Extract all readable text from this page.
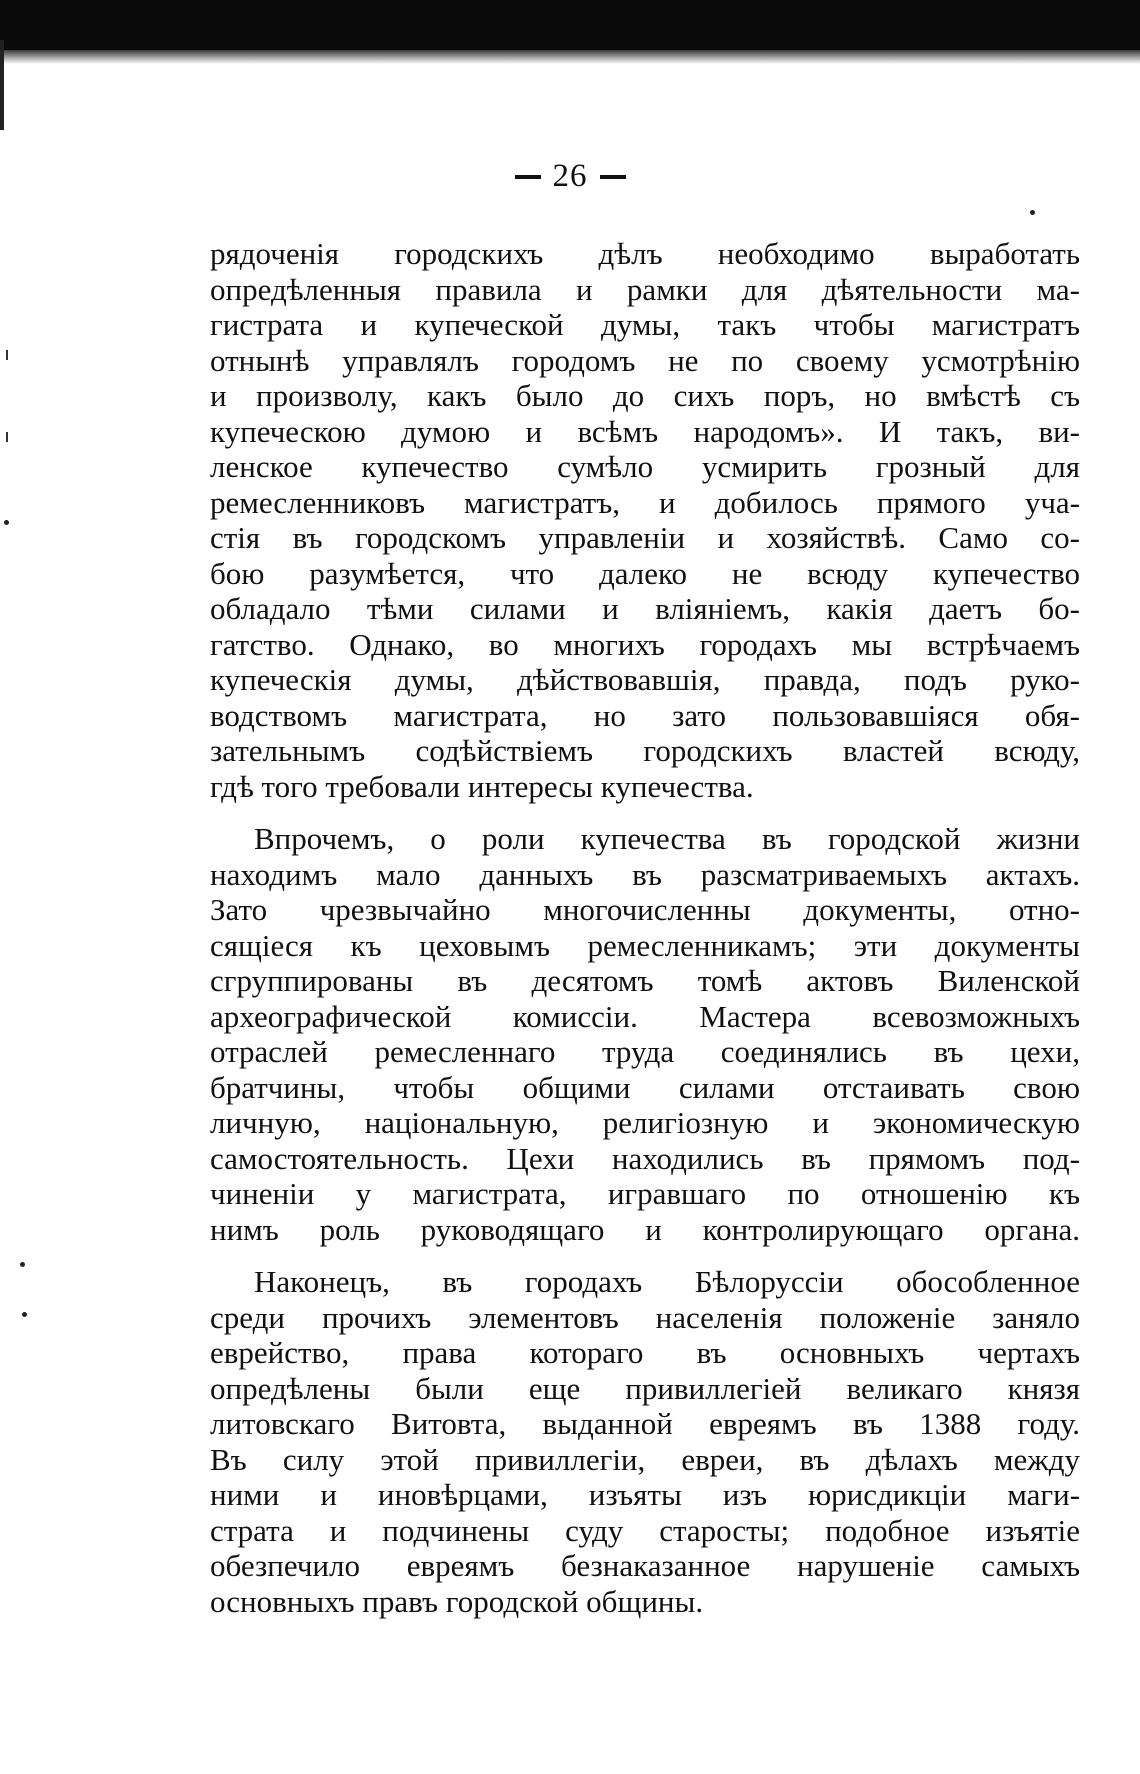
26

рядоченія городскихъ дѣлъ необходимо выработать
опредѣленныя правила и рамки для дѣятельности ма-
гистрата и купеческой думы, такъ чтобы магистратъ
отнынѣ управлялъ городомъ не по своему усмотрѣнію
и произволу, какъ было до сихъ поръ, но вмѣстѣ съ
купеческою думою и всѣмъ народомъ». И такъ, ви-
ленское купечество сумѣло усмирить грозный для
ремесленниковъ магистратъ, и добилось прямого уча-
стія въ городскомъ управленіи и хозяйствѣ. Само со-
бою разумѣется, что далеко не всюду купечество
обладало тѣми силами и вліяніемъ, какія даетъ бо-
гатство. Однако, во многихъ городахъ мы встрѣчаемъ
купеческія думы, дѣйствовавшія, правда, подъ руко-
водствомъ магистрата, но зато пользовавшіяся обя-
зательнымъ содѣйствіемъ городскихъ властей всюду,
гдѣ того требовали интересы купечества.

Впрочемъ, о роли купечества въ городской жизни
находимъ мало данныхъ въ разсматриваемыхъ актахъ.
Зато чрезвычайно многочисленны документы, отно-
сящіеся къ цеховымъ ремесленникамъ; эти документы
сгруппированы въ десятомъ томѣ актовъ Виленской
археографической комиссіи. Мастера всевозможныхъ
отраслей ремесленнаго труда соединялись въ цехи,
братчины, чтобы общими силами отстаивать свою
личную, національную, религіозную и экономическую
самостоятельность. Цехи находились въ прямомъ под-
чиненіи у магистрата, игравшаго по отношенію къ
нимъ роль руководящаго и контролирующаго органа.

Наконецъ, въ городахъ Бѣлоруссіи обособленное
среди прочихъ элементовъ населенія положеніе заняло
еврейство, права котораго въ основныхъ чертахъ
опредѣлены были еще привиллегіей великаго князя
литовскаго Витовта, выданной евреямъ въ 1388 году.
Въ силу этой привиллегіи, евреи, въ дѣлахъ между
ними и иновѣрцами, изъяты изъ юрисдикціи маги-
страта и подчинены суду старосты; подобное изъятіе
обезпечило евреямъ безнаказанное нарушеніе самыхъ
основныхъ правъ городской общины.
